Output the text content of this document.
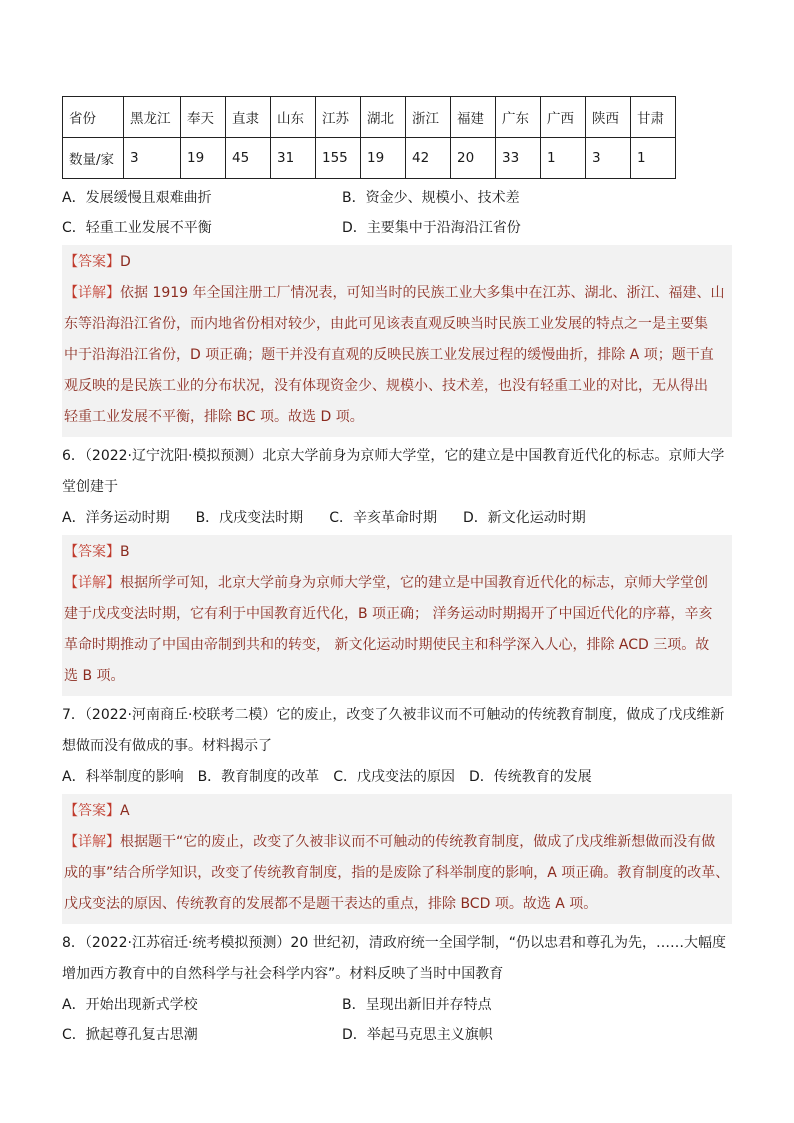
省份	黑龙江	奉天	直隶	山东	江苏	湖北	浙江	福建	广东	广西	陕西	甘肃
数量/家	3	19	45	31	155	19	42	20	33	1	3	1
A．发展缓慢且艰难曲折	B．资金少、规模小、技术差
C．轻重工业发展不平衡	D．主要集中于沿海沿江省份
【答案】D
【详解】依据 1919 年全国注册工厂情况表，可知当时的民族工业大多集中在江苏、湖北、浙江、福建、山
东等沿海沿江省份，而内地省份相对较少，由此可见该表直观反映当时民族工业发展的特点之一是主要集
中于沿海沿江省份，D 项正确；题干并没有直观的反映民族工业发展过程的缓慢曲折，排除 A 项；题干直
观反映的是民族工业的分布状况，没有体现资金少、规模小、技术差，也没有轻重工业的对比，无从得出
轻重工业发展不平衡，排除 BC 项。故选 D 项。
6．（2022·辽宁沈阳·模拟预测）北京大学前身为京师大学堂，它的建立是中国教育近代化的标志。京师大学
堂创建于
A．洋务运动时期 B．戊戌变法时期 C．辛亥革命时期 D．新文化运动时期
【答案】B
【详解】根据所学可知，北京大学前身为京师大学堂，它的建立是中国教育近代化的标志，京师大学堂创
建于戊戌变法时期，它有利于中国教育近代化，B 项正确； 洋务运动时期揭开了中国近代化的序幕，辛亥
革命时期推动了中国由帝制到共和的转变， 新文化运动时期使民主和科学深入人心，排除 ACD 三项。故
选 B 项。
7．（2022·河南商丘·校联考二模）它的废止，改变了久被非议而不可触动的传统教育制度，做成了戊戌维新
想做而没有做成的事。材料揭示了
A．科举制度的影响 B．教育制度的改革 C．戊戌变法的原因 D．传统教育的发展
【答案】A
【详解】根据题干“它的废止，改变了久被非议而不可触动的传统教育制度，做成了戊戌维新想做而没有做
成的事”结合所学知识，改变了传统教育制度，指的是废除了科举制度的影响，A 项正确。教育制度的改革、
戊戌变法的原因、传统教育的发展都不是题干表达的重点，排除 BCD 项。故选 A 项。
8．（2022·江苏宿迁·统考模拟预测）20 世纪初，清政府统一全国学制，“仍以忠君和尊孔为先，……大幅度
增加西方教育中的自然科学与社会科学内容”。材料反映了当时中国教育
A．开始出现新式学校	B．呈现出新旧并存特点
C．掀起尊孔复古思潮	D．举起马克思主义旗帜
